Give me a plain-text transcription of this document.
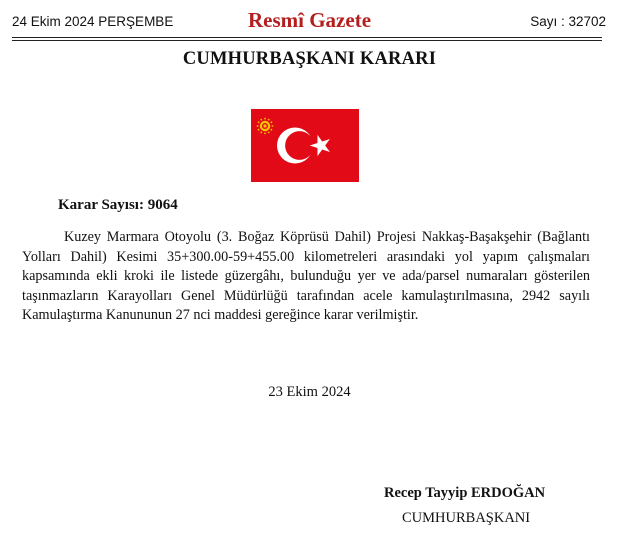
24 Ekim 2024 PERŞEMBE	Resmî Gazete	Sayı : 32702
CUMHURBAŞKANI KARARI
Karar Sayısı: 9064
Kuzey Marmara Otoyolu (3. Boğaz Köprüsü Dahil) Projesi Nakkaş-Başakşehir (Bağlantı Yolları Dahil) Kesimi 35+300.00-59+455.00 kilometreleri arasındaki yol yapım çalışmaları kapsamında ekli kroki ile listede güzergâhı, bulunduğu yer ve ada/parsel numaraları gösterilen taşınmazların Karayolları Genel Müdürlüğü tarafından acele kamulaştırılmasına, 2942 sayılı Kamulaştırma Kanununun 27 nci maddesi gereğince karar verilmiştir.
23 Ekim 2024
Recep Tayyip ERDOĞAN
CUMHURBAŞKANI
